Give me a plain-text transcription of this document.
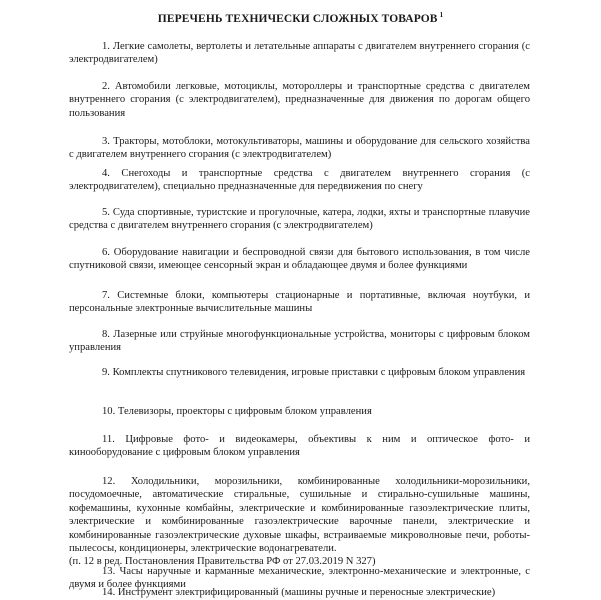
ПЕРЕЧЕНЬ ТЕХНИЧЕСКИ СЛОЖНЫХ ТОВАРОВ $^1$
1. Легкие самолеты, вертолеты и летательные аппараты с двигателем внутреннего сгорания (с электродвигателем)
2. Автомобили легковые, мотоциклы, мотороллеры и транспортные средства с двигателем внутреннего сгорания (с электродвигателем), предназначенные для движения по дорогам общего пользования
3. Тракторы, мотоблоки, мотокультиваторы, машины и оборудование для сельского хозяйства с двигателем внутреннего сгорания (с электродвигателем)
4. Снегоходы и транспортные средства с двигателем внутреннего сгорания (с электродвигателем), специально предназначенные для передвижения по снегу
5. Суда спортивные, туристские и прогулочные, катера, лодки, яхты и транспортные плавучие средства с двигателем внутреннего сгорания (с электродвигателем)
6. Оборудование навигации и беспроводной связи для бытового использования, в том числе спутниковой связи, имеющее сенсорный экран и обладающее двумя и более функциями
7. Системные блоки, компьютеры стационарные и портативные, включая ноутбуки, и персональные электронные вычислительные машины
8. Лазерные или струйные многофункциональные устройства, мониторы с цифровым блоком управления
9. Комплекты спутникового телевидения, игровые приставки с цифровым блоком управления
10. Телевизоры, проекторы с цифровым блоком управления
11. Цифровые фото- и видеокамеры, объективы к ним и оптическое фото- и кинооборудование с цифровым блоком управления
12. Холодильники, морозильники, комбинированные холодильники-морозильники, посудомоечные, автоматические стиральные, сушильные и стирально-сушильные машины, кофемашины, кухонные комбайны, электрические и комбинированные газоэлектрические плиты, электрические и комбинированные газоэлектрические варочные панели, электрические и комбинированные газоэлектрические духовые шкафы, встраиваемые микроволновые печи, роботы-пылесосы, кондиционеры, электрические водонагреватели.
(п. 12 в ред. Постановления Правительства РФ от 27.03.2019 N 327)
13. Часы наручные и карманные механические, электронно-механические и электронные, с двумя и более функциями
14. Инструмент электрифицированный (машины ручные и переносные электрические)
